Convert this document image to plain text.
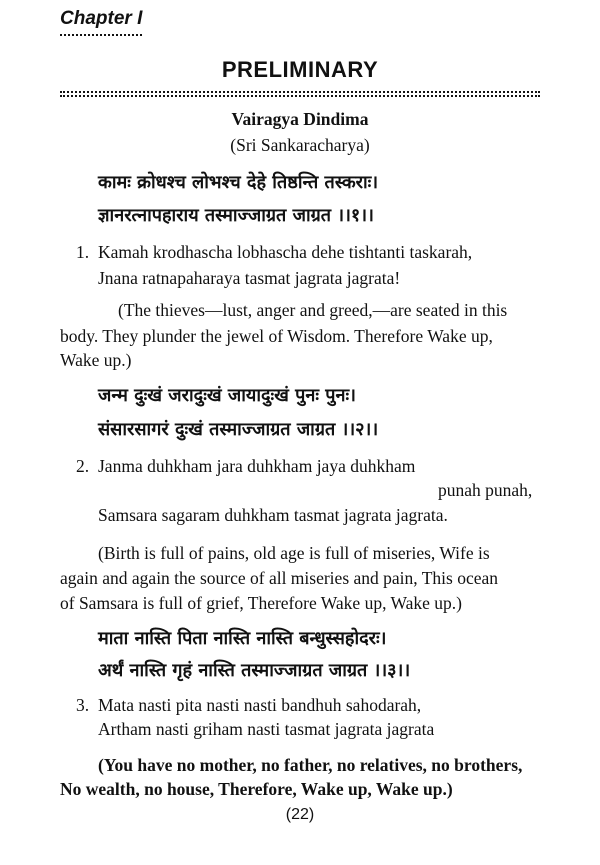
Chapter I
PRELIMINARY
Vairagya Dindima
(Sri Sankaracharya)
कामः क्रोधश्च लोभश्च देहे तिष्ठन्ति तस्कराः।
ज्ञानरत्नापहाराय तस्माज्जाग्रत जाग्रत ।।१।।
1. Kamah krodhascha lobhascha dehe tishtanti taskarah,
Jnana ratnapaharaya tasmat jagrata jagrata!
(The thieves—lust, anger and greed,—are seated in this
body. They plunder the jewel of Wisdom. Therefore Wake up,
Wake up.)
जन्म दुःखं जरादुःखं जायादुःखं पुनः पुनः।
संसारसागरं दुःखं तस्माज्जाग्रत जाग्रत ।।२।।
2. Janma duhkham jara duhkham jaya duhkham
punah punah,
Samsara sagaram duhkham tasmat jagrata jagrata.
(Birth is full of pains, old age is full of miseries, Wife is
again and again the source of all miseries and pain, This ocean
of Samsara is full of grief, Therefore Wake up, Wake up.)
माता नास्ति पिता नास्ति नास्ति बन्धुस्सहोदरः।
अर्थं नास्ति गृहं नास्ति तस्माज्जाग्रत जाग्रत ।।३।।
3. Mata nasti pita nasti nasti bandhuh sahodarah,
Artham nasti griham nasti tasmat jagrata jagrata
(You have no mother, no father, no relatives, no brothers,
No wealth, no house, Therefore, Wake up, Wake up.)
(22)
